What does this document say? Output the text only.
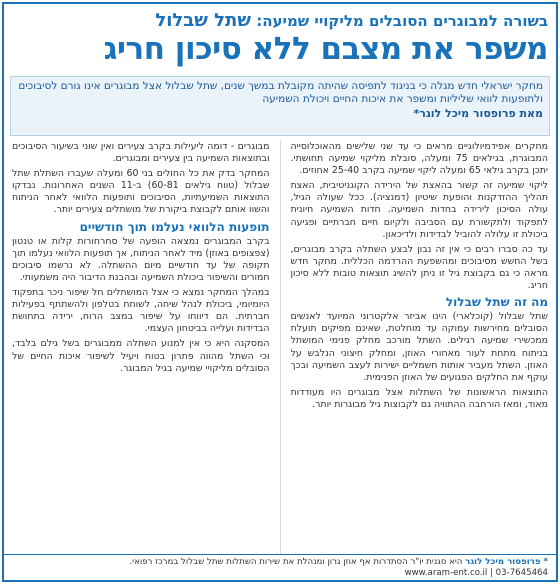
בשורה למבוגרים הסובלים מליקויי שמיעה: שתל שבלול
משפר את מצבם ללא סיכון חריג

מחקר ישראלי חדש מגלה כי בניגוד לתפיסה שהיתה מקובלת במשך שנים, שתל שבלול אצל מבוגרים אינו גורם לסיבוכים ולתופעות לוואי שליליות ומשפר את איכות החיים ויכולת השמיעה

מאת פרופסור מיכל לוגר*

מחקרים אפידמיולוגיים מראים כי עד שני שלישים מהאוכלוסייה המבוגרת, בגילאים 75 ומעלה, סובלת מליקוי שמיעה תחושתי. יתכן בקרב גילאי 65 ומעלה ליקוי שמיעה בקרב 25-40 אחוזים.

ליקוי שמיעה זה קשור בהאצת של הירידה הקוגניטיבית, האצת תהליך ההזדקנות והופעת שיטיון (דמנציה). ככל שעולה הגיל, עולה הסיכון לירידה בחדות השמיעה. חדות השמיעה חיונית לתפקוד ולתקשורת עם הסביבה ולקיום חיים חברתיים ופגיעה ביכולת זו עלולה להוביל לבדידות ולדיכאון.

עד כה סברו רבים כי אין זה נבון לבצע השתלה בקרב מבוגרים, בשל החשש מסיבוכים ומהשפעת ההרדמה הכללית. מחקר חדש מראה כי גם בקבוצת גיל זו ניתן להשיג תוצאות טובות ללא סיכון חריג.

מה זה שתל שבלול

שתל שבלול (קוכלארי) הינו אביזר אלקטרוני המיועד לאנשים הסובלים מחירשות עמוקה עד מוחלטת, שאינם מפיקים תועלת ממכשירי שמיעה רגילים. השתל מורכב מחלק פנימי המושתל בניתוח מתחת לעור מאחורי האוזן, ומחלק חיצוני הנלבש על האוזן. השתל מעביר אותות חשמליים ישירות לעצב השמיעה ובכך עוקף את החלקים הפגועים של האוזן הפנימית.

התוצאות הראשונות של השתלות אצל מבוגרים היו מעודדות מאוד, ומאז הורחבה ההתוויה גם לקבוצות גיל מבוגרות יותר.

מבוגרים - דומה ליעילות בקרב צעירים ואין שוני בשיעור הסיבוכים ובתוצאות השמיעה בין צעירים ומבוגרים.

המחקר בדק את כל החולים בני 60 ומעלה שעברו השתלת שתל שבלול (טווח גילאים 60-81) ב-11 השנים האחרונות. נבדקו התוצאות השמיעתיות, הסיבוכים ותופעות הלוואי לאחר הניתוח והשוו אותם לקבוצת ביקורת של מושתלים צעירים יותר.

תופעות הלוואי נעלמו תוך חודשיים

בקרב המבוגרים נמצאה הופעה של סחרחורות קלות או טנטון (צפצופים באוזן) מיד לאחר הניתוח, אך תופעות הלוואי נעלמו תוך תקופה של עד חודשיים מיום ההשתלה. לא נרשמו סיבוכים חמורים והשיפור ביכולת השמיעה ובהבנת הדיבור היה משמעותי.

במהלך המחקר נמצא כי אצל המושתלים חל שיפור ניכר בתפקוד היומיומי, ביכולת לנהל שיחה, לשוחח בטלפון ולהשתתף בפעילות חברתית. הם דיווחו על שיפור במצב הרוח, ירידה בתחושת הבדידות ועלייה בביטחון העצמי.

המסקנה היא כי אין למנוע השתלה ממבוגרים בשל גילם בלבד, וכי השתל מהווה פתרון בטוח ויעיל לשיפור איכות החיים של הסובלים מליקויי שמיעה בגיל המבוגר.

* פרופסור מיכל לוגר היא סגנית יו"ר הסתדרות אף אוזן גרון ומנהלת את שירות השתלות שתל שבלול במרכז רפואי.
www.aram-ent.co.il | 03-7645464
